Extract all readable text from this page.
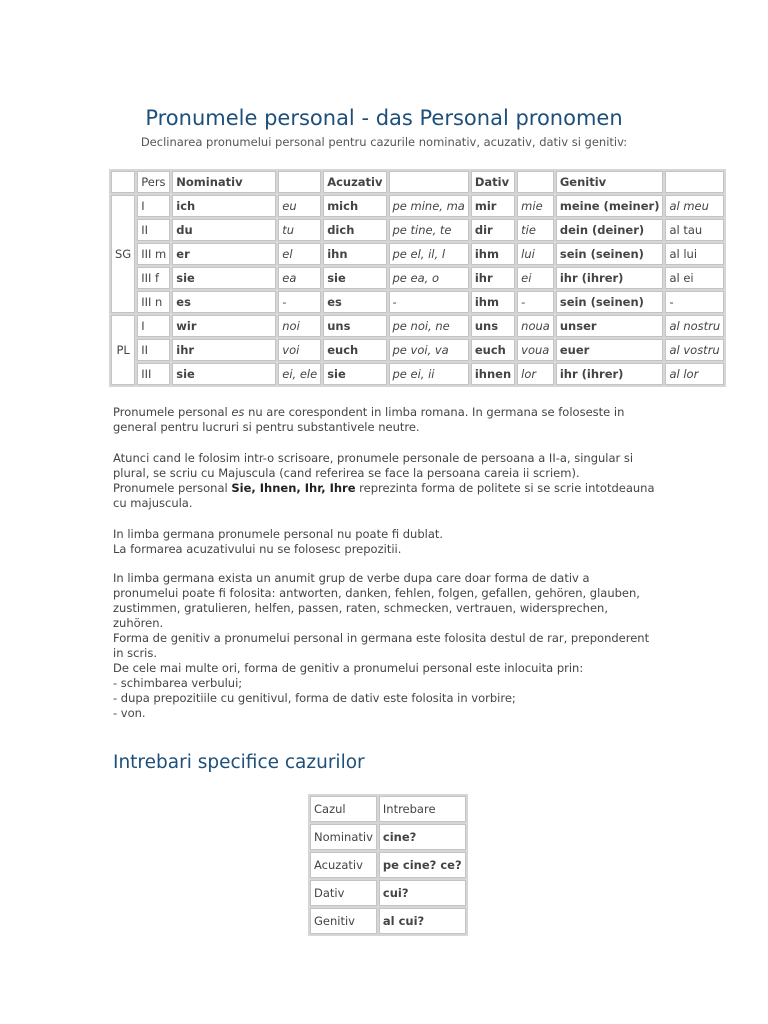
Pronumele personal - das Personal pronomen
Declinarea pronumelui personal pentru cazurile nominativ, acuzativ, dativ si genitiv:
	Pers	Nominativ		Acuzativ		Dativ		Genitiv	
SG	I	ich	eu	mich	pe mine, ma	mir	mie	meine (meiner)	al meu
	II	du	tu	dich	pe tine, te	dir	tie	dein (deiner)	al tau
	III m	er	el	ihn	pe el, il, l	ihm	lui	sein (seinen)	al lui
	III f	sie	ea	sie	pe ea, o	ihr	ei	ihr (ihrer)	al ei
	III n	es	-	es	-	ihm	-	sein (seinen)	-
PL	I	wir	noi	uns	pe noi, ne	uns	noua	unser	al nostru
	II	ihr	voi	euch	pe voi, va	euch	voua	euer	al vostru
	III	sie	ei, ele	sie	pe ei, ii	ihnen	lor	ihr (ihrer)	al lor

Pronumele personal es nu are corespondent in limba romana. In germana se foloseste in general pentru lucruri si pentru substantivele neutre.

Atunci cand le folosim intr-o scrisoare, pronumele personale de persoana a II-a, singular si plural, se scriu cu Majuscula (cand referirea se face la persoana careia ii scriem).
Pronumele personal Sie, Ihnen, Ihr, Ihre reprezinta forma de politete si se scrie intotdeauna cu majuscula.

In limba germana pronumele personal nu poate fi dublat.
La formarea acuzativului nu se folosesc prepozitii.

In limba germana exista un anumit grup de verbe dupa care doar forma de dativ a pronumelui poate fi folosita: antworten, danken, fehlen, folgen, gefallen, gehören, glauben, zustimmen, gratulieren, helfen, passen, raten, schmecken, vertrauen, widersprechen, zuhören.

Forma de genitiv a pronumelui personal in germana este folosita destul de rar, preponderent in scris.
De cele mai multe ori, forma de genitiv a pronumelui personal este inlocuita prin:
- schimbarea verbului;
- dupa prepozitiile cu genitivul, forma de dativ este folosita in vorbire;
- von.

Intrebari specifice cazurilor
Cazul	Intrebare
Nominativ	cine?
Acuzativ	pe cine? ce?
Dativ	cui?
Genitiv	al cui?
